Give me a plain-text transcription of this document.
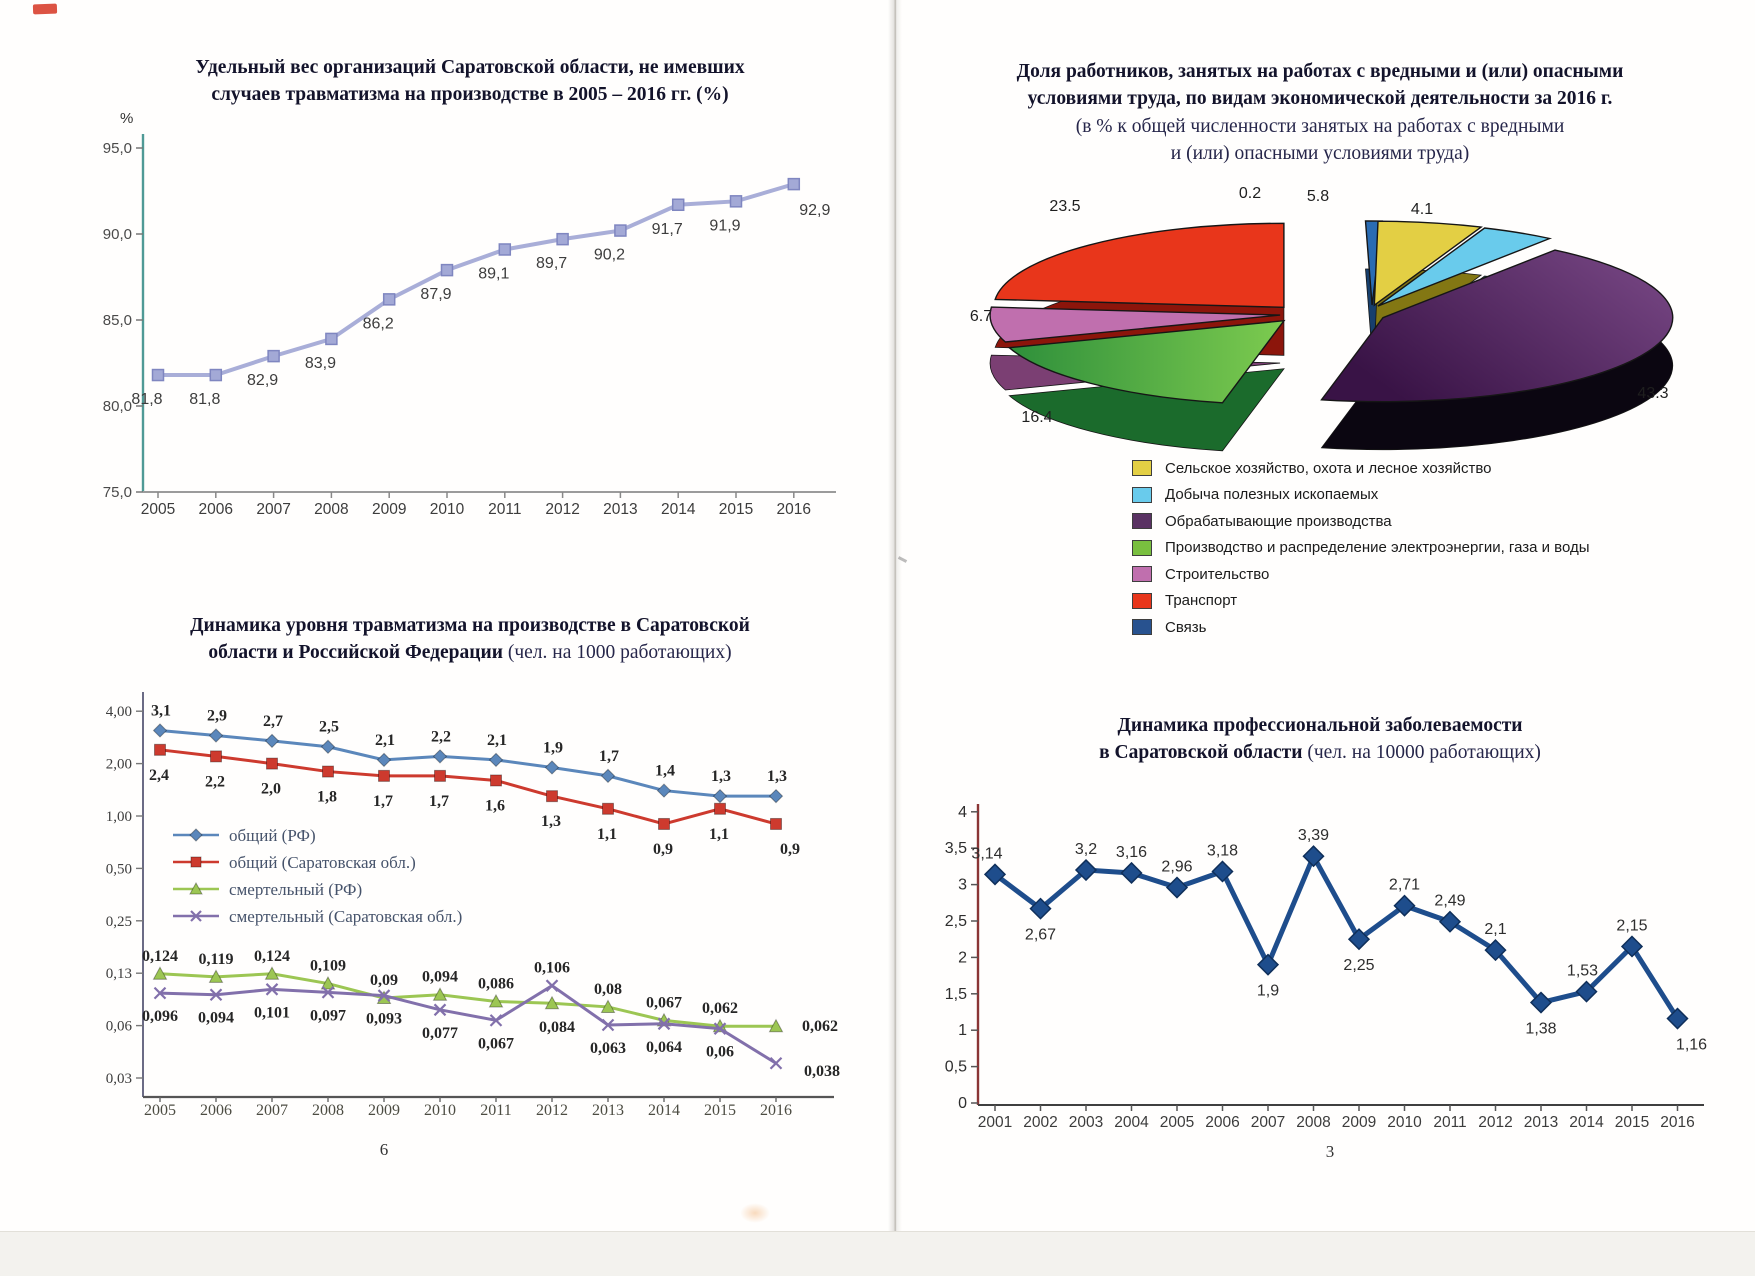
Удельный вес организаций Саратовской области, не имевших
случаев травматизма на производстве в 2005 – 2016 гг. (%)
%
95,0
90,0
85,0
80,0
75,0
2005 2006 2007 2008 2009 2010 2011 2012 2013 2014 2015 2016
81,8 81,8
82,9
83,9
86,2
87,9
89,1
89,7
90,2
91,7 91,9
92,9
Динамика уровня травматизма на производстве в Саратовской
области и Российской Федерации (чел. на 1000 работающих)
4,00
2,00
1,00
0,50
0,25
0,13
0,06
0,03
2005 2006 2007 2008 2009 2010 2011 2012 2013 2014 2015 2016
3,1 2,9 2,7 2,5
2,1 2,2 2,1 1,9 1,7
1,4 1,3 1,3
2,4 2,2 2,0 1,8 1,7 1,7 1,6
1,3
1,1
0,9
1,1
0,9
0,124 0,119 0,124
0,109
0,09 0,094 0,086
0,084
0,08
0,067 0,062
0,062
0,096 0,094 0,101 0,097 0,093
0,077
0,067
0,106
0,063 0,064 0,06
0,038
общий (РФ)
общий (Саратовская обл.)
смертельный (РФ)
смертельный (Саратовская обл.)
6
Доля работников, занятых на работах с вредными и (или) опасными
условиями труда, по видам экономической деятельности за 2016 г.
(в % к общей численности занятых на работах с вредными
и (или) опасными условиями труда)
0.2	5.8
4.1
43.3
16.4
6.7
23.5
Сельское хозяйство, охота и лесное хозяйство
Добыча полезных ископаемых
Обрабатывающие производства
Производство и распределение электроэнергии, газа и воды
Строительство
Транспорт
Связь
Динамика профессиональной заболеваемости
в Саратовской области (чел. на 10000 работающих)
4
3,5
3
2,5
2
1,5
1
0,5
0
2001 2002 2003 2004 2005 2006 2007 2008 2009 2010 2011 2012 2013 2014 2015 2016
3,14
2,67
3,2 3,16
2,96
3,18
1,9
3,39
2,25
2,71
2,49
2,1
1,38
1,53
2,15
1,16
3
